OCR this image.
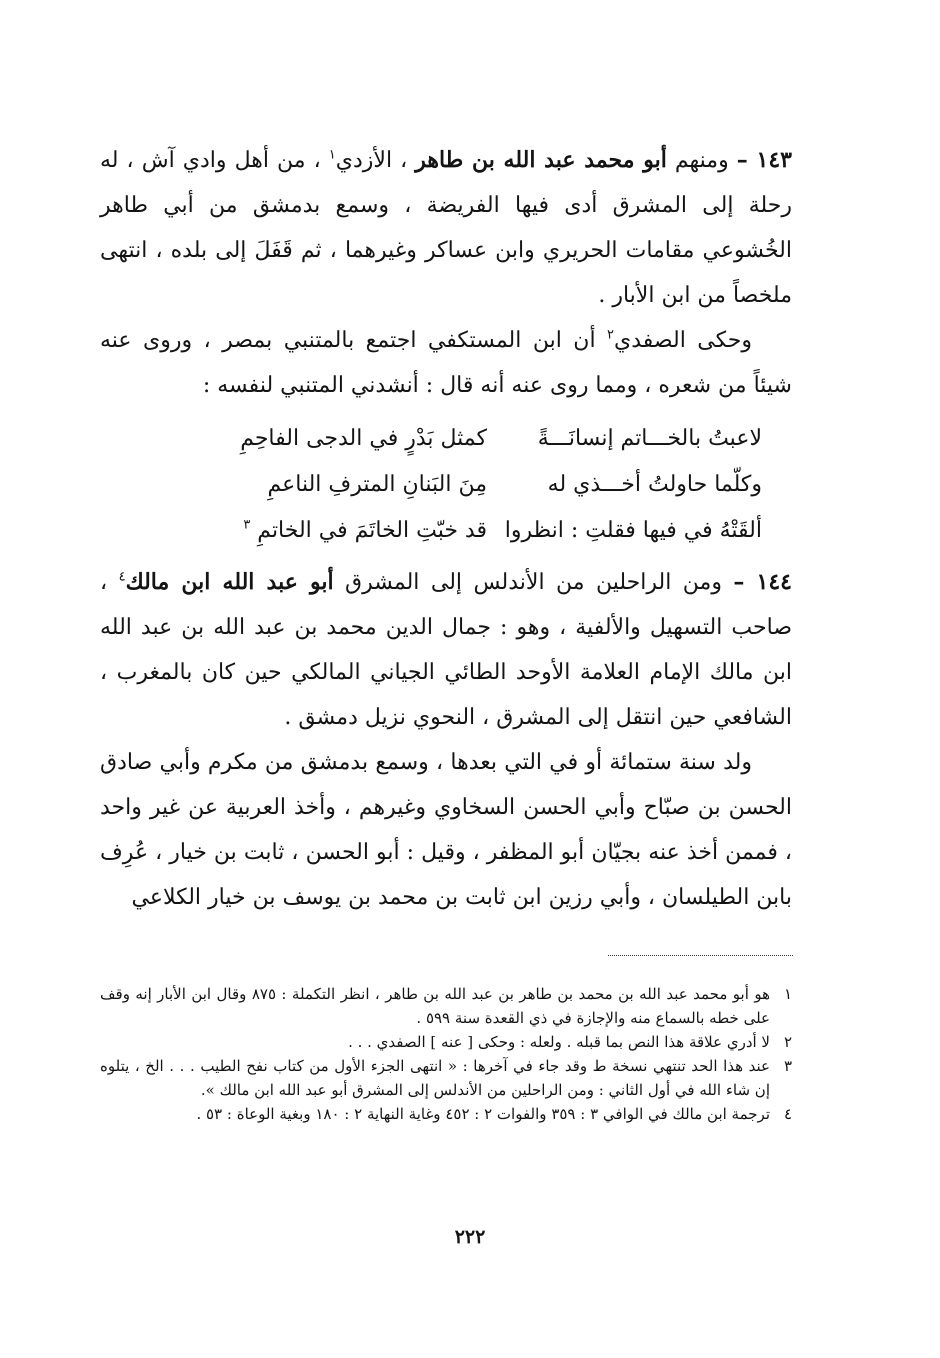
١٤٣ – ومنهم أبو محمد عبد الله بن طاهر ، الأزدي$^١$ ، من أهل وادي آش ، له رحلة إلى المشرق أدى فيها الفريضة ، وسمع بدمشق من أبي طاهر الخُشوعي مقامات الحريري وابن عساكر وغيرهما ، ثم قَفَلَ إلى بلده ، انتهى ملخصاً من ابن الأبار .

وحكى الصفدي$^٢$ أن ابن المستكفي اجتمع بالمتنبي بمصر ، وروى عنه شيئاً من شعره ، ومما روى عنه أنه قال : أنشدني المتنبي لنفسه :

لاعبتُ بالخـــاتم إنسانَـــةً
كمثل بَدْرٍ في الدجى الفاحِمِ
وكلّما حاولتُ أخـــذي له
مِنَ البَنانِ المترفِ الناعمِ
ألقَتْهُ في فيها فقلتِ : انظروا
قد خبّتِ الخاتَمَ في الخاتمِ $^٣$

١٤٤ – ومن الراحلين من الأندلس إلى المشرق أبو عبد الله ابن مالك$^٤$ ، صاحب التسهيل والألفية ، وهو : جمال الدين محمد بن عبد الله بن عبد الله ابن مالك الإمام العلامة الأوحد الطائي الجياني المالكي حين كان بالمغرب ، الشافعي حين انتقل إلى المشرق ، النحوي نزيل دمشق .

ولد سنة ستمائة أو في التي بعدها ، وسمع بدمشق من مكرم وأبي صادق الحسن بن صبّاح وأبي الحسن السخاوي وغيرهم ، وأخذ العربية عن غير واحد ، فممن أخذ عنه بجيّان أبو المظفر ، وقيل : أبو الحسن ، ثابت بن خيار ، عُرِف بابن الطيلسان ، وأبي رزين ابن ثابت بن محمد بن يوسف بن خيار الكلاعي

١
هو أبو محمد عبد الله بن محمد بن طاهر بن عبد الله بن طاهر ، انظر التكملة : ٨٧٥ وقال ابن الأبار إنه وقف على خطه بالسماع منه والإجازة في ذي القعدة سنة ٥٩٩ .
٢
لا أدري علاقة هذا النص بما قبله . ولعله : وحكى [ عنه ] الصفدي . . .
٣
عند هذا الحد تنتهي نسخة ط وقد جاء في آخرها : « انتهى الجزء الأول من كتاب نفح الطيب . . . الخ ، يتلوه إن شاء الله في أول الثاني : ومن الراحلين من الأندلس إلى المشرق أبو عبد الله ابن مالك ».
٤
ترجمة ابن مالك في الوافي ٣ : ٣٥٩ والفوات ٢ : ٤٥٢ وغاية النهاية ٢ : ١٨٠ وبغية الوعاة : ٥٣ .
٢٢٢
